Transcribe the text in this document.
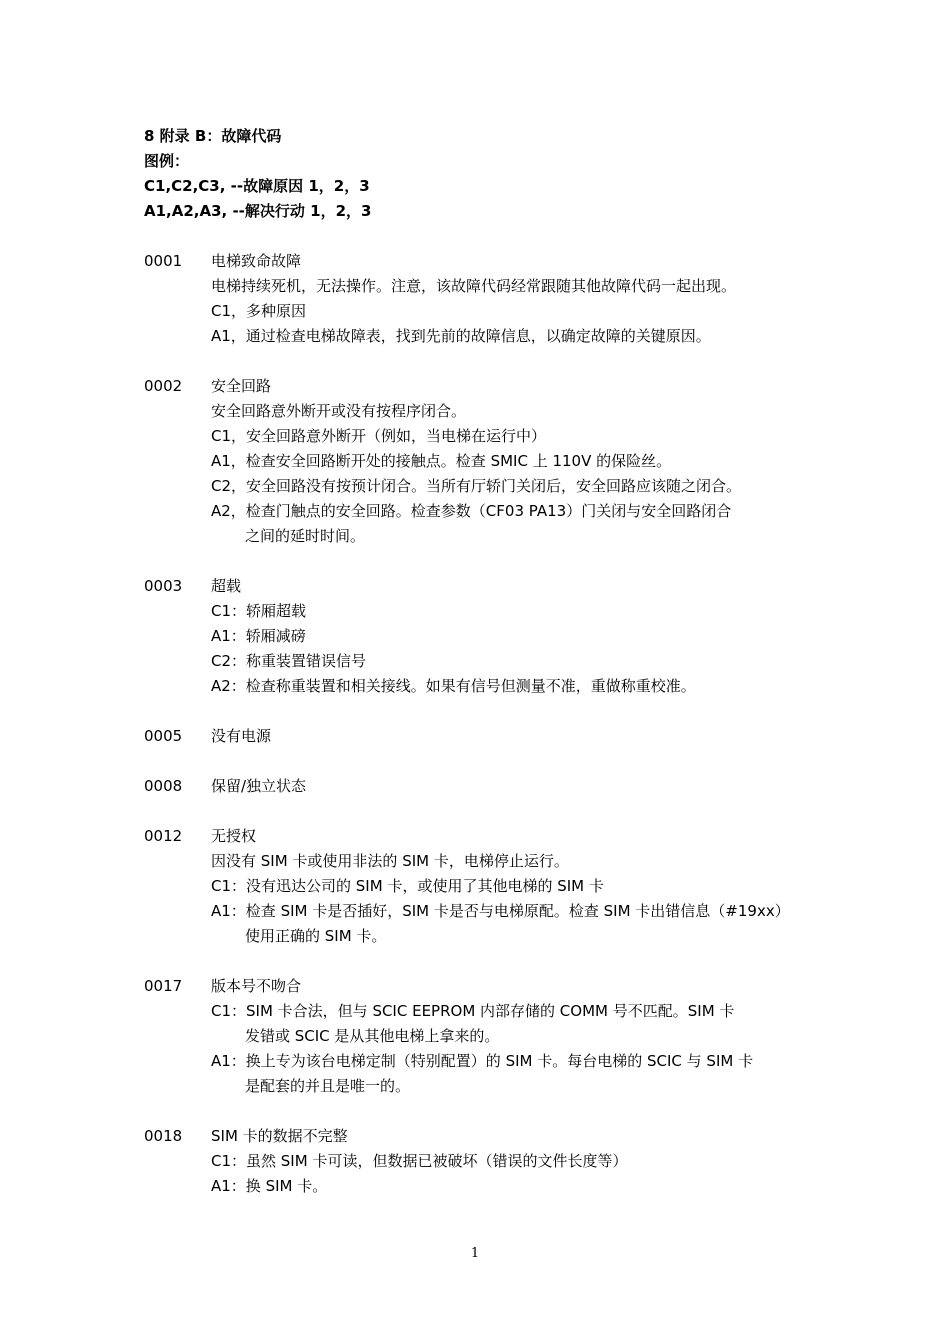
8 附录 B：故障代码
图例：
C1,C2,C3, --故障原因 1，2，3
A1,A2,A3, --解决行动 1，2，3
0001	电梯致命故障
电梯持续死机，无法操作。注意，该故障代码经常跟随其他故障代码一起出现。
C1，多种原因
A1，通过检查电梯故障表，找到先前的故障信息，以确定故障的关键原因。
0002	安全回路
安全回路意外断开或没有按程序闭合。
C1，安全回路意外断开（例如，当电梯在运行中）
A1，检查安全回路断开处的接触点。检查 SMIC 上 110V 的保险丝。
C2，安全回路没有按预计闭合。当所有厅轿门关闭后，安全回路应该随之闭合。
A2，检查门触点的安全回路。检查参数（CF03 PA13）门关闭与安全回路闭合
之间的延时时间。
0003	超载
C1：轿厢超载
A1：轿厢减磅
C2：称重装置错误信号
A2：检查称重装置和相关接线。如果有信号但测量不准，重做称重校准。
0005	没有电源
0008	保留/独立状态
0012	无授权
因没有 SIM 卡或使用非法的 SIM 卡，电梯停止运行。
C1：没有迅达公司的 SIM 卡，或使用了其他电梯的 SIM 卡
A1：检查 SIM 卡是否插好，SIM 卡是否与电梯原配。检查 SIM 卡出错信息（#19xx）
使用正确的 SIM 卡。
0017	版本号不吻合
C1：SIM 卡合法，但与 SCIC EEPROM 内部存储的 COMM 号不匹配。SIM 卡
发错或 SCIC 是从其他电梯上拿来的。
A1：换上专为该台电梯定制（特别配置）的 SIM 卡。每台电梯的 SCIC 与 SIM 卡
是配套的并且是唯一的。
0018	SIM 卡的数据不完整
C1：虽然 SIM 卡可读，但数据已被破坏（错误的文件长度等）
A1：换 SIM 卡。
1
